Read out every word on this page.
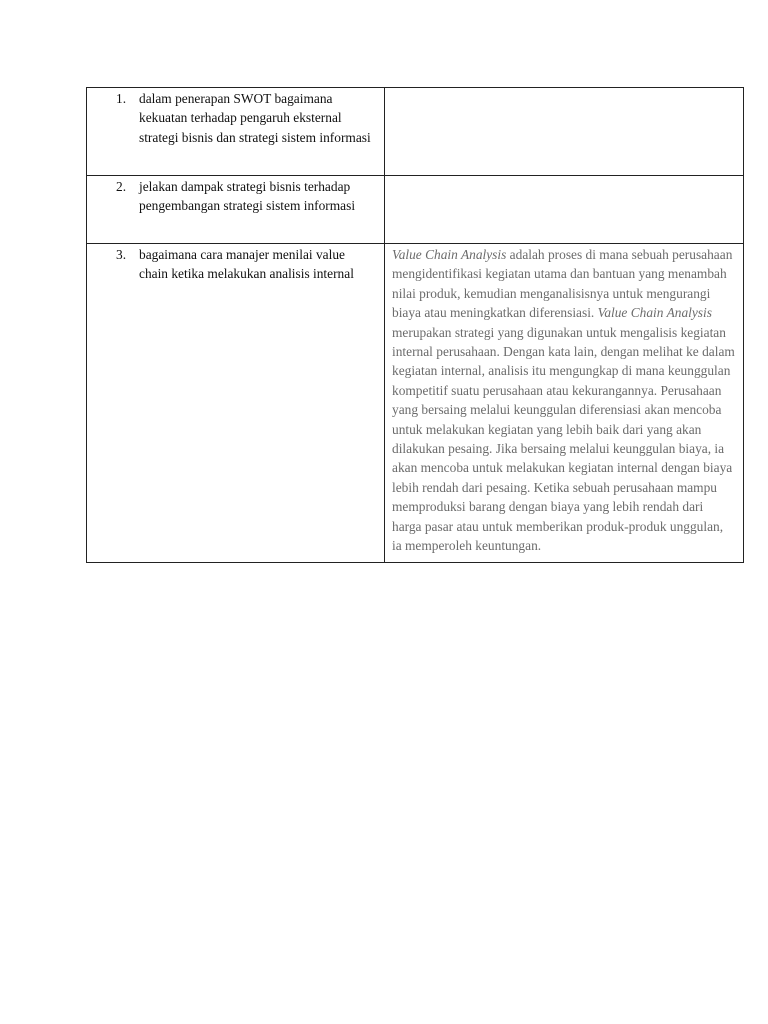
1. dalam penerapan SWOT bagaimana kekuatan terhadap pengaruh eksternal strategi bisnis dan strategi sistem informasi	

2. jelakan dampak strategi bisnis terhadap pengembangan strategi sistem informasi	

3. bagaimana cara manajer menilai value chain ketika melakukan analisis internal	Value Chain Analysis adalah proses di mana sebuah perusahaan mengidentifikasi kegiatan utama dan bantuan yang menambah nilai produk, kemudian menganalisisnya untuk mengurangi biaya atau meningkatkan diferensiasi. Value Chain Analysis merupakan strategi yang digunakan untuk mengalisis kegiatan internal perusahaan. Dengan kata lain, dengan melihat ke dalam kegiatan internal, analisis itu mengungkap di mana keunggulan kompetitif suatu perusahaan atau kekurangannya. Perusahaan yang bersaing melalui keunggulan diferensiasi akan mencoba untuk melakukan kegiatan yang lebih baik dari yang akan dilakukan pesaing. Jika bersaing melalui keunggulan biaya, ia akan mencoba untuk melakukan kegiatan internal dengan biaya lebih rendah dari pesaing. Ketika sebuah perusahaan mampu memproduksi barang dengan biaya yang lebih rendah dari harga pasar atau untuk memberikan produk-produk unggulan, ia memperoleh keuntungan.
